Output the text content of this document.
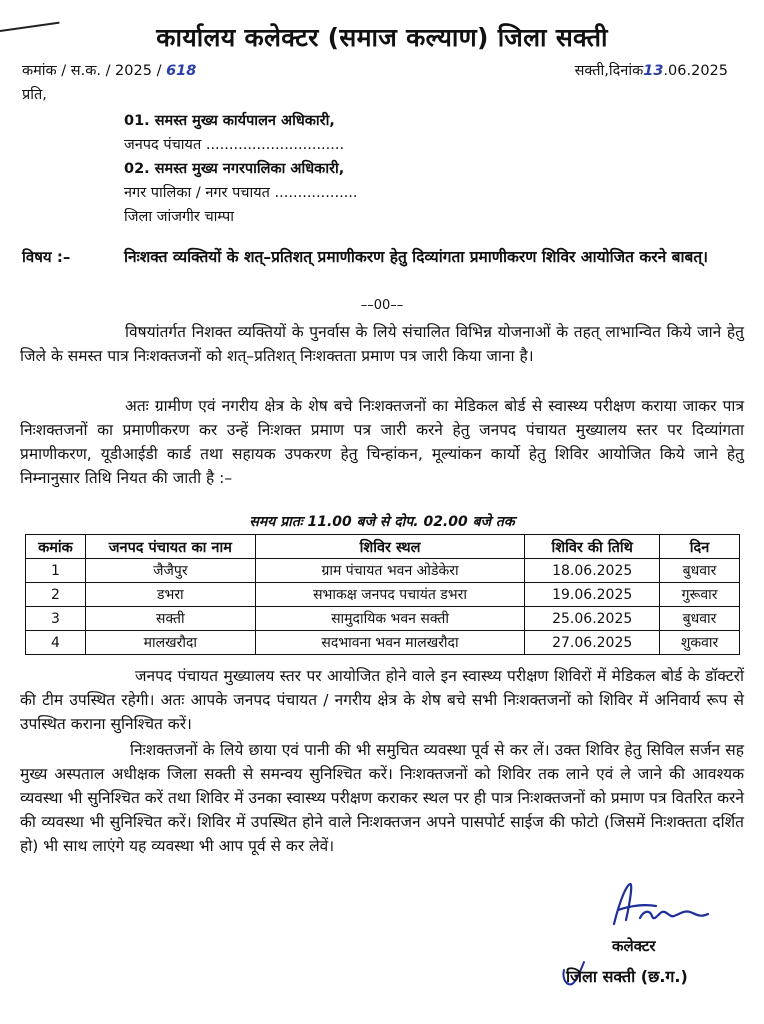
कार्यालय कलेक्टर (समाज कल्याण) जिला सक्ती
कमांक / स.क. / 2025 / 618	सक्ती,दिनांक13.06.2025
प्रति,
01. समस्त मुख्य कार्यपालन अधिकारी,
जनपद पंचायत ..............................
02. समस्त मुख्य नगरपालिका अधिकारी,
नगर पालिका / नगर पचायत ..................
जिला जांजगीर चाम्पा
विषय :–	निःशक्त व्यक्तियों के शत्–प्रतिशत् प्रमाणीकरण हेतु दिव्यांगता प्रमाणीकरण शिविर आयोजित करने बाबत्।
––00––
विषयांतर्गत निशक्त व्यक्तियों के पुनर्वास के लिये संचालित विभिन्न योजनाओं के तहत् लाभान्वित किये जाने हेतु जिले के समस्त पात्र निःशक्तजनों को शत्–प्रतिशत् निःशक्तता प्रमाण पत्र जारी किया जाना है।
अतः ग्रामीण एवं नगरीय क्षेत्र के शेष बचे निःशक्तजनों का मेडिकल बोर्ड से स्वास्थ्य परीक्षण कराया जाकर पात्र निःशक्तजनों का प्रमाणीकरण कर उन्हें निःशक्त प्रमाण पत्र जारी करने हेतु जनपद पंचायत मुख्यालय स्तर पर दिव्यांगता प्रमाणीकरण, यूडीआईडी कार्ड तथा सहायक उपकरण हेतु चिन्हांकन, मूल्यांकन कार्यो हेतु शिविर आयोजित किये जाने हेतु निम्नानुसार तिथि नियत की जाती है :–
समय प्रातः 11.00 बजे से दोप. 02.00 बजे तक
कमांक	जनपद पंचायत का नाम	शिविर स्थल	शिविर की तिथि	दिन
1	जैजैपुर	ग्राम पंचायत भवन ओडेकेरा	18.06.2025	बुधवार
2	डभरा	सभाकक्ष जनपद पचायंत डभरा	19.06.2025	गुरूवार
3	सक्ती	सामुदायिक भवन सक्ती	25.06.2025	बुधवार
4	मालखरौदा	सदभावना भवन मालखरौदा	27.06.2025	शुकवार
जनपद पंचायत मुख्यालय स्तर पर आयोजित होने वाले इन स्वास्थ्य परीक्षण शिविरों में मेडिकल बोर्ड के डॉक्टरों की टीम उपस्थित रहेगी। अतः आपके जनपद पंचायत / नगरीय क्षेत्र के शेष बचे सभी निःशक्तजनों को शिविर में अनिवार्य रूप से उपस्थित कराना सुनिश्चित करें।
निःशक्तजनों के लिये छाया एवं पानी की भी समुचित व्यवस्था पूर्व से कर लें। उक्त शिविर हेतु सिविल सर्जन सह मुख्य अस्पताल अधीक्षक जिला सक्ती से समन्वय सुनिश्चित करें। निःशक्तजनों को शिविर तक लाने एवं ले जाने की आवश्यक व्यवस्था भी सुनिश्चित करें तथा शिविर में उनका स्वास्थ्य परीक्षण कराकर स्थल पर ही पात्र निःशक्तजनों को प्रमाण पत्र वितरित करने की व्यवस्था भी सुनिश्चित करें। शिविर में उपस्थित होने वाले निःशक्तजन अपने पासपोर्ट साईज की फोटो (जिसमें निःशक्तता दर्शित हो) भी साथ लाएंगे यह व्यवस्था भी आप पूर्व से कर लेवें।
कलेक्टर
जिला सक्ती (छ.ग.)
